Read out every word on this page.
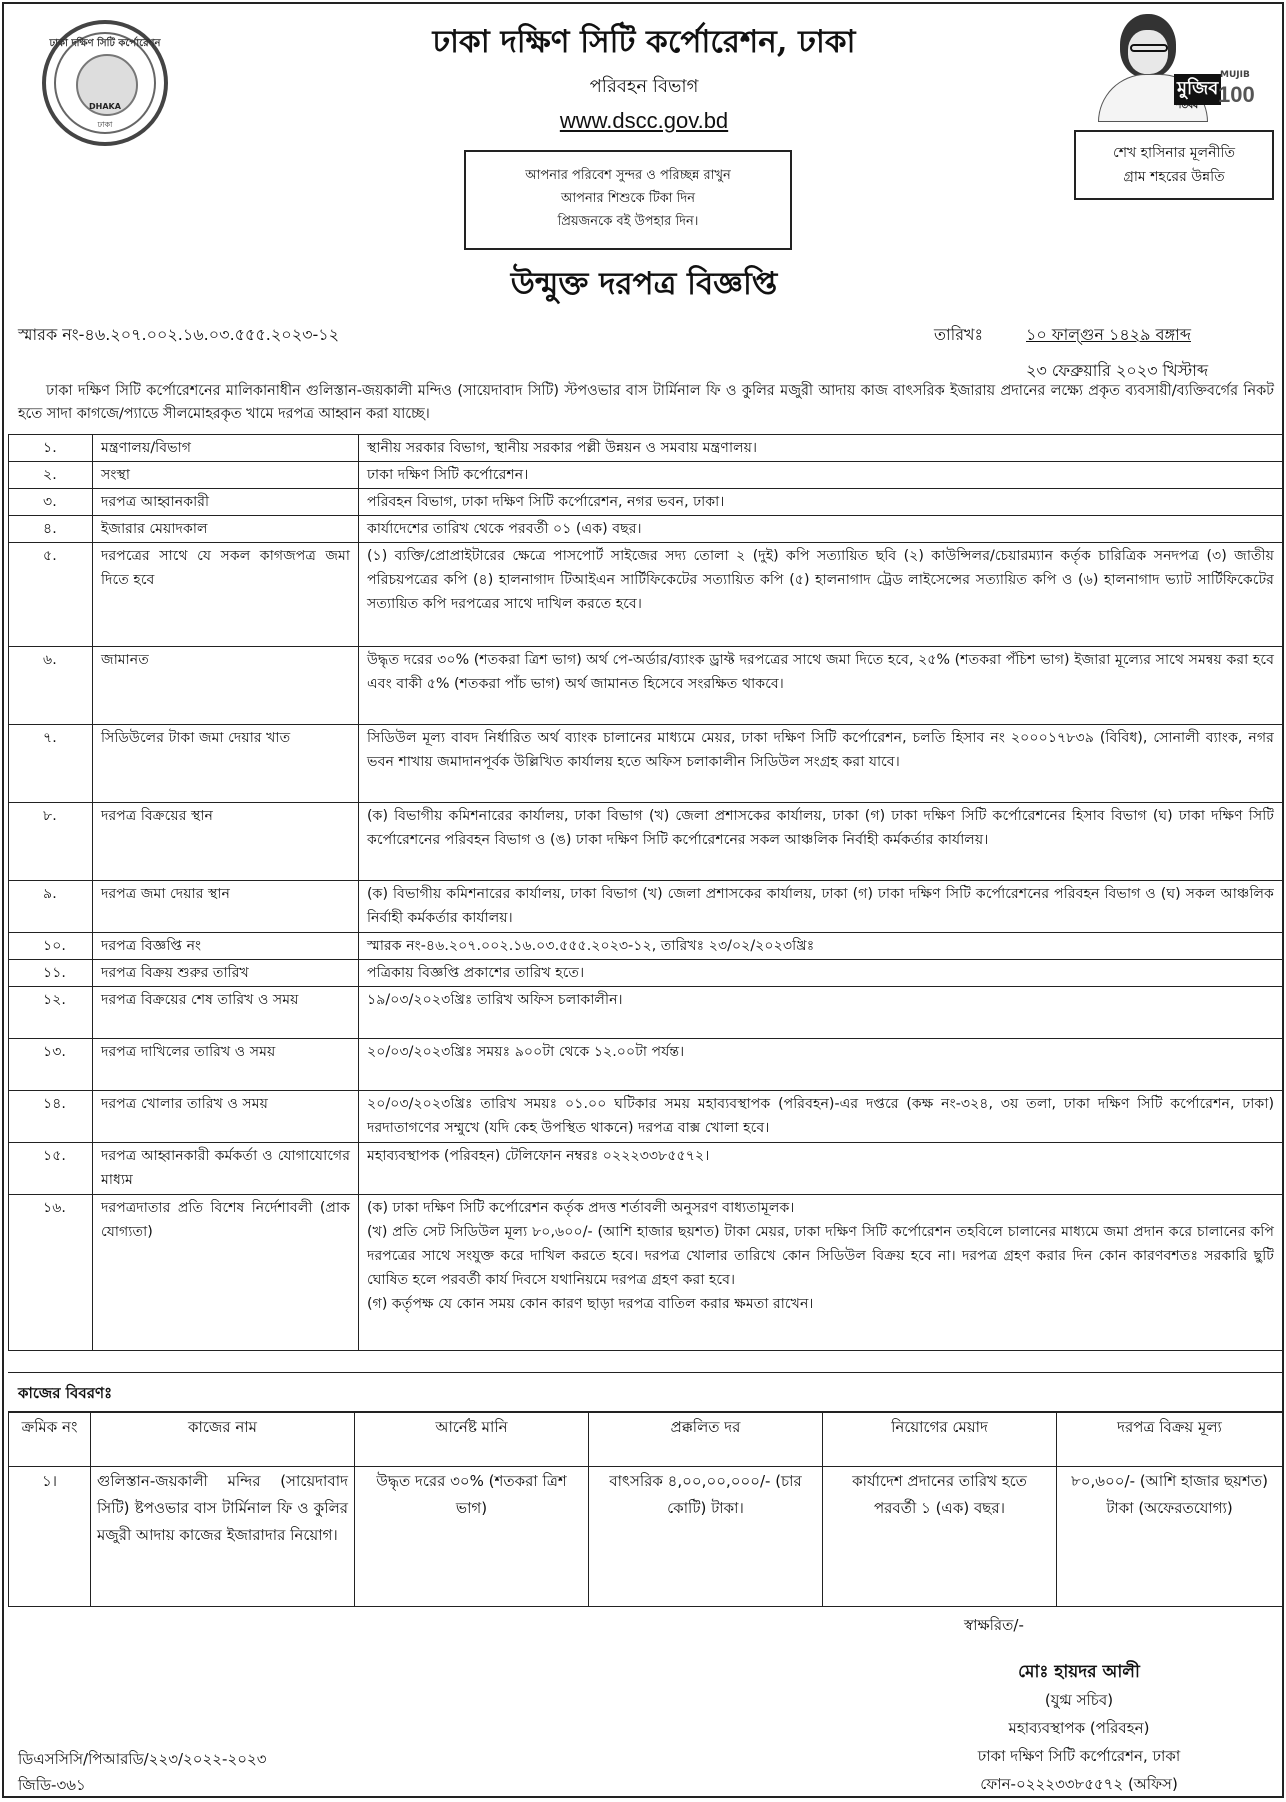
ঢাকা দক্ষিণ সিটি কর্পোরেশন
DHAKA
ঢাকা
ঢাকা দক্ষিণ সিটি কর্পোরেশন, ঢাকা
পরিবহন বিভাগ
www.dscc.gov.bd
আপনার পরিবেশ সুন্দর ও পরিচ্ছন্ন রাখুন
আপনার শিশুকে টিকা দিন
প্রিয়জনকে বই উপহার দিন।
মুজিব
শতবর্ষ
MUJIB
100
শেখ হাসিনার মূলনীতি
গ্রাম শহরের উন্নতি
উন্মুক্ত দরপত্র বিজ্ঞপ্তি
স্মারক নং-৪৬.২০৭.০০২.১৬.০৩.৫৫৫.২০২৩-১২	তারিখঃ	১০ ফাল্গুন ১৪২৯ বঙ্গাব্দ
২৩ ফেব্রুয়ারি ২০২৩ খিস্টাব্দ
ঢাকা দক্ষিণ সিটি কর্পোরেশনের মালিকানাধীন গুলিস্তান-জয়কালী মন্দিও (সায়েদাবাদ সিটি) স্টপওভার বাস টার্মিনাল ফি ও কুলির মজুরী আদায় কাজ বাৎসরিক ইজারায় প্রদানের লক্ষ্যে প্রকৃত ব্যবসায়ী/ব্যক্তিবর্গের নিকট হতে সাদা কাগজে/প্যাডে সীলমোহরকৃত খামে দরপত্র আহ্বান করা যাচ্ছে।
১.	মন্ত্রণালয়/বিভাগ	স্থানীয় সরকার বিভাগ, স্থানীয় সরকার পল্লী উন্নয়ন ও সমবায় মন্ত্রণালয়।
২.	সংস্থা	ঢাকা দক্ষিণ সিটি কর্পোরেশন।
৩.	দরপত্র আহ্বানকারী	পরিবহন বিভাগ, ঢাকা দক্ষিণ সিটি কর্পোরেশন, নগর ভবন, ঢাকা।
৪.	ইজারার মেয়াদকাল	কার্যাদেশের তারিখ থেকে পরবর্তী ০১ (এক) বছর।
৫.	দরপত্রের সাথে যে সকল কাগজপত্র জমা দিতে হবে	(১) ব্যক্তি/প্রোপ্রাইটারের ক্ষেত্রে পাসপোর্ট সাইজের সদ্য তোলা ২ (দুই) কপি সত্যায়িত ছবি (২) কাউন্সিলর/চেয়ারম্যান কর্তৃক চারিত্রিক সনদপত্র (৩) জাতীয় পরিচয়পত্রের কপি (৪) হালনাগাদ টিআইএন সার্টিফিকেটের সত্যায়িত কপি (৫) হালনাগাদ ট্রেড লাইসেন্সের সত্যায়িত কপি ও (৬) হালনাগাদ ভ্যাট সার্টিফিকেটের সত্যায়িত কপি দরপত্রের সাথে দাখিল করতে হবে।
৬.	জামানত	উদ্ধৃত দরের ৩০% (শতকরা ত্রিশ ভাগ) অর্থ পে-অর্ডার/ব্যাংক ড্রাফ্ট দরপত্রের সাথে জমা দিতে হবে, ২৫% (শতকরা পঁচিশ ভাগ) ইজারা মূল্যের সাথে সমন্বয় করা হবে এবং বাকী ৫% (শতকরা পাঁচ ভাগ) অর্থ জামানত হিসেবে সংরক্ষিত থাকবে।
৭.	সিডিউলের টাকা জমা দেয়ার খাত	সিডিউল মূল্য বাবদ নির্ধারিত অর্থ ব্যাংক চালানের মাধ্যমে মেয়র, ঢাকা দক্ষিণ সিটি কর্পোরেশন, চলতি হিসাব নং ২০০০১৭৮৩৯ (বিবিধ), সোনালী ব্যাংক, নগর ভবন শাখায় জমাদানপূর্বক উল্লিখিত কার্যালয় হতে অফিস চলাকালীন সিডিউল সংগ্রহ করা যাবে।
৮.	দরপত্র বিক্রয়ের স্থান	(ক) বিভাগীয় কমিশনারের কার্যালয়, ঢাকা বিভাগ (খ) জেলা প্রশাসকের কার্যালয়, ঢাকা (গ) ঢাকা দক্ষিণ সিটি কর্পোরেশনের হিসাব বিভাগ (ঘ) ঢাকা দক্ষিণ সিটি কর্পোরেশনের পরিবহন বিভাগ ও (ঙ) ঢাকা দক্ষিণ সিটি কর্পোরেশনের সকল আঞ্চলিক নির্বাহী কর্মকর্তার কার্যালয়।
৯.	দরপত্র জমা দেয়ার স্থান	(ক) বিভাগীয় কমিশনারের কার্যালয়, ঢাকা বিভাগ (খ) জেলা প্রশাসকের কার্যালয়, ঢাকা (গ) ঢাকা দক্ষিণ সিটি কর্পোরেশনের পরিবহন বিভাগ ও (ঘ) সকল আঞ্চলিক নির্বাহী কর্মকর্তার কার্যালয়।
১০.	দরপত্র বিজ্ঞপ্তি নং	স্মারক নং-৪৬.২০৭.০০২.১৬.০৩.৫৫৫.২০২৩-১২, তারিখঃ ২৩/০২/২০২৩খ্রিঃ
১১.	দরপত্র বিক্রয় শুরুর তারিখ	পত্রিকায় বিজ্ঞপ্তি প্রকাশের তারিখ হতে।
১২.	দরপত্র বিক্রয়ের শেষ তারিখ ও সময়	১৯/০৩/২০২৩খ্রিঃ তারিখ অফিস চলাকালীন।
১৩.	দরপত্র দাখিলের তারিখ ও সময়	২০/০৩/২০২৩খ্রিঃ সময়ঃ ৯০০টা থেকে ১২.০০টা পর্যন্ত।
১৪.	দরপত্র খোলার তারিখ ও সময়	২০/০৩/২০২৩খ্রিঃ তারিখ সময়ঃ ০১.০০ ঘটিকার সময় মহাব্যবস্থাপক (পরিবহন)-এর দপ্তরে (কক্ষ নং-৩২৪, ৩য় তলা, ঢাকা দক্ষিণ সিটি কর্পোরেশন, ঢাকা) দরদাতাগণের সম্মুখে (যদি কেহ উপস্থিত থাকনে) দরপত্র বাক্স খোলা হবে।
১৫.	দরপত্র আহ্বানকারী কর্মকর্তা ও যোগাযোগের মাধ্যম	মহাব্যবস্থাপক (পরিবহন) টেলিফোন নম্বরঃ ০২২২৩৩৮৫৫৭২।
১৬.	দরপত্রদাতার প্রতি বিশেষ নির্দেশাবলী (প্রাক যোগ্যতা)	(ক) ঢাকা দক্ষিণ সিটি কর্পোরেশন কর্তৃক প্রদত্ত শর্তাবলী অনুসরণ বাধ্যতামূলক।
(খ) প্রতি সেট সিডিউল মূল্য ৮০,৬০০/- (আশি হাজার ছয়শত) টাকা মেয়র, ঢাকা দক্ষিণ সিটি কর্পোরেশন তহবিলে চালানের মাধ্যমে জমা প্রদান করে চালানের কপি দরপত্রের সাথে সংযুক্ত করে দাখিল করতে হবে। দরপত্র খোলার তারিখে কোন সিডিউল বিক্রয় হবে না। দরপত্র গ্রহণ করার দিন কোন কারণবশতঃ সরকারি ছুটি ঘোষিত হলে পরবর্তী কার্য দিবসে যথানিয়মে দরপত্র গ্রহণ করা হবে।
(গ) কর্তৃপক্ষ যে কোন সময় কোন কারণ ছাড়া দরপত্র বাতিল করার ক্ষমতা রাখেন।
কাজের বিবরণঃ
ক্রমিক নং	কাজের নাম	আর্নেষ্ট মানি	প্রক্কলিত দর	নিয়োগের মেয়াদ	দরপত্র বিক্রয় মূল্য
১।	গুলিস্তান-জয়কালী মন্দির (সায়েদাবাদ সিটি) ষ্টপওভার বাস টার্মিনাল ফি ও কুলির মজুরী আদায় কাজের ইজারাদার নিয়োগ।	উদ্ধৃত দরের ৩০% (শতকরা ত্রিশ ভাগ)	বাৎসরিক ৪,০০,০০,০০০/- (চার কোটি) টাকা।	কার্যাদেশ প্রদানের তারিখ হতে পরবর্তী ১ (এক) বছর।	৮০,৬০০/- (আশি হাজার ছয়শত) টাকা (অফেরতযোগ্য)
স্বাক্ষরিত/-
মোঃ হায়দর আলী
(যুগ্ম সচিব)
মহাব্যবস্থাপক (পরিবহন)
ঢাকা দক্ষিণ সিটি কর্পোরেশন, ঢাকা
ফোন-০২২২৩৩৮৫৫৭২ (অফিস)
ডিএসসিসি/পিআরডি/২২৩/২০২২-২০২৩
জিডি-৩৬১
